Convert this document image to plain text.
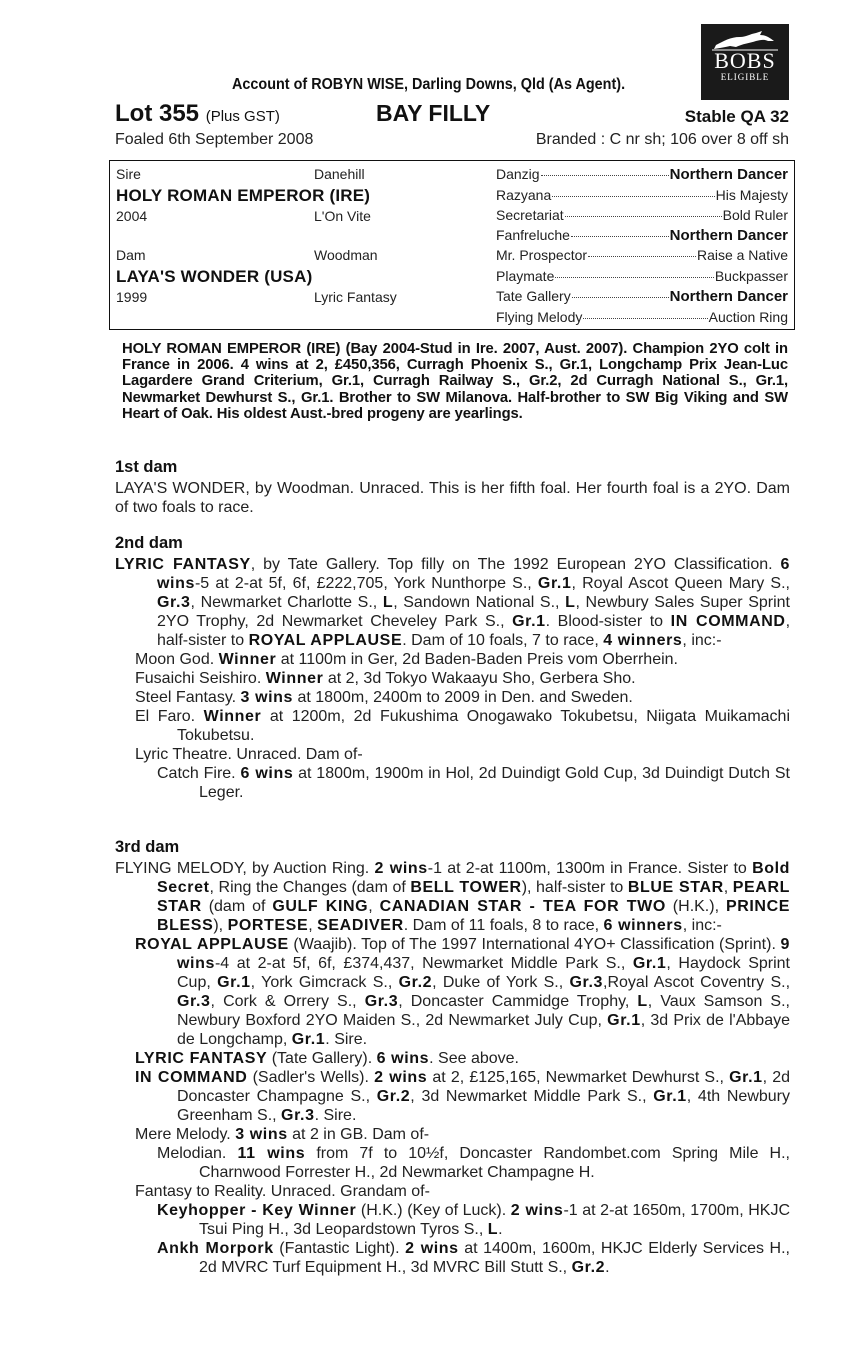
BOBS
ELIGIBLE
Account of ROBYN WISE, Darling Downs, Qld (As Agent).
Lot 355 (Plus GST)	BAY FILLY	Stable QA 32
Foaled 6th September 2008	Branded : C nr sh; 106 over 8 off sh
Sire	Danehill
HOLY ROMAN EMPEROR (IRE)
2004	L'On Vite
Dam	Woodman
LAYA'S WONDER (USA)
1999	Lyric Fantasy
Danzig	Northern Dancer
Razyana	His Majesty
Secretariat	Bold Ruler
Fanfreluche	Northern Dancer
Mr. Prospector	Raise a Native
Playmate	Buckpasser
Tate Gallery	Northern Dancer
Flying Melody	Auction Ring
HOLY ROMAN EMPEROR (IRE) (Bay 2004-Stud in Ire. 2007, Aust. 2007). Champion 2YO colt in France in 2006. 4 wins at 2, £450,356, Curragh Phoenix S., Gr.1, Longchamp Prix Jean-Luc Lagardere Grand Criterium, Gr.1, Curragh Railway S., Gr.2, 2d Curragh National S., Gr.1, Newmarket Dewhurst S., Gr.1. Brother to SW Milanova. Half-brother to SW Big Viking and SW Heart of Oak. His oldest Aust.-bred progeny are yearlings.
1st dam
LAYA'S WONDER, by Woodman. Unraced. This is her fifth foal. Her fourth foal is a 2YO. Dam of two foals to race.
2nd dam
LYRIC FANTASY, by Tate Gallery. Top filly on The 1992 European 2YO Classification. 6 wins-5 at 2-at 5f, 6f, £222,705, York Nunthorpe S., Gr.1, Royal Ascot Queen Mary S., Gr.3, Newmarket Charlotte S., L, Sandown National S., L, Newbury Sales Super Sprint 2YO Trophy, 2d Newmarket Cheveley Park S., Gr.1. Blood-sister to IN COMMAND, half-sister to ROYAL APPLAUSE. Dam of 10 foals, 7 to race, 4 winners, inc:-
Moon God. Winner at 1100m in Ger, 2d Baden-Baden Preis vom Oberrhein.
Fusaichi Seishiro. Winner at 2, 3d Tokyo Wakaayu Sho, Gerbera Sho.
Steel Fantasy. 3 wins at 1800m, 2400m to 2009 in Den. and Sweden.
El Faro. Winner at 1200m, 2d Fukushima Onogawako Tokubetsu, Niigata Muikamachi Tokubetsu.
Lyric Theatre. Unraced. Dam of-
Catch Fire. 6 wins at 1800m, 1900m in Hol, 2d Duindigt Gold Cup, 3d Duindigt Dutch St Leger.
3rd dam
FLYING MELODY, by Auction Ring. 2 wins-1 at 2-at 1100m, 1300m in France. Sister to Bold Secret, Ring the Changes (dam of BELL TOWER), half-sister to BLUE STAR, PEARL STAR (dam of GULF KING, CANADIAN STAR - TEA FOR TWO (H.K.), PRINCE BLESS), PORTESE, SEADIVER. Dam of 11 foals, 8 to race, 6 winners, inc:-
ROYAL APPLAUSE (Waajib). Top of The 1997 International 4YO+ Classification (Sprint). 9 wins-4 at 2-at 5f, 6f, £374,437, Newmarket Middle Park S., Gr.1, Haydock Sprint Cup, Gr.1, York Gimcrack S., Gr.2, Duke of York S., Gr.3,Royal Ascot Coventry S., Gr.3, Cork & Orrery S., Gr.3, Doncaster Cammidge Trophy, L, Vaux Samson S., Newbury Boxford 2YO Maiden S., 2d Newmarket July Cup, Gr.1, 3d Prix de l'Abbaye de Longchamp, Gr.1. Sire.
LYRIC FANTASY (Tate Gallery). 6 wins. See above.
IN COMMAND (Sadler's Wells). 2 wins at 2, £125,165, Newmarket Dewhurst S., Gr.1, 2d Doncaster Champagne S., Gr.2, 3d Newmarket Middle Park S., Gr.1, 4th Newbury Greenham S., Gr.3. Sire.
Mere Melody. 3 wins at 2 in GB. Dam of-
Melodian. 11 wins from 7f to 10½f, Doncaster Randombet.com Spring Mile H., Charnwood Forrester H., 2d Newmarket Champagne H.
Fantasy to Reality. Unraced. Grandam of-
Keyhopper - Key Winner (H.K.) (Key of Luck). 2 wins-1 at 2-at 1650m, 1700m, HKJC Tsui Ping H., 3d Leopardstown Tyros S., L.
Ankh Morpork (Fantastic Light). 2 wins at 1400m, 1600m, HKJC Elderly Services H., 2d MVRC Turf Equipment H., 3d MVRC Bill Stutt S., Gr.2.
